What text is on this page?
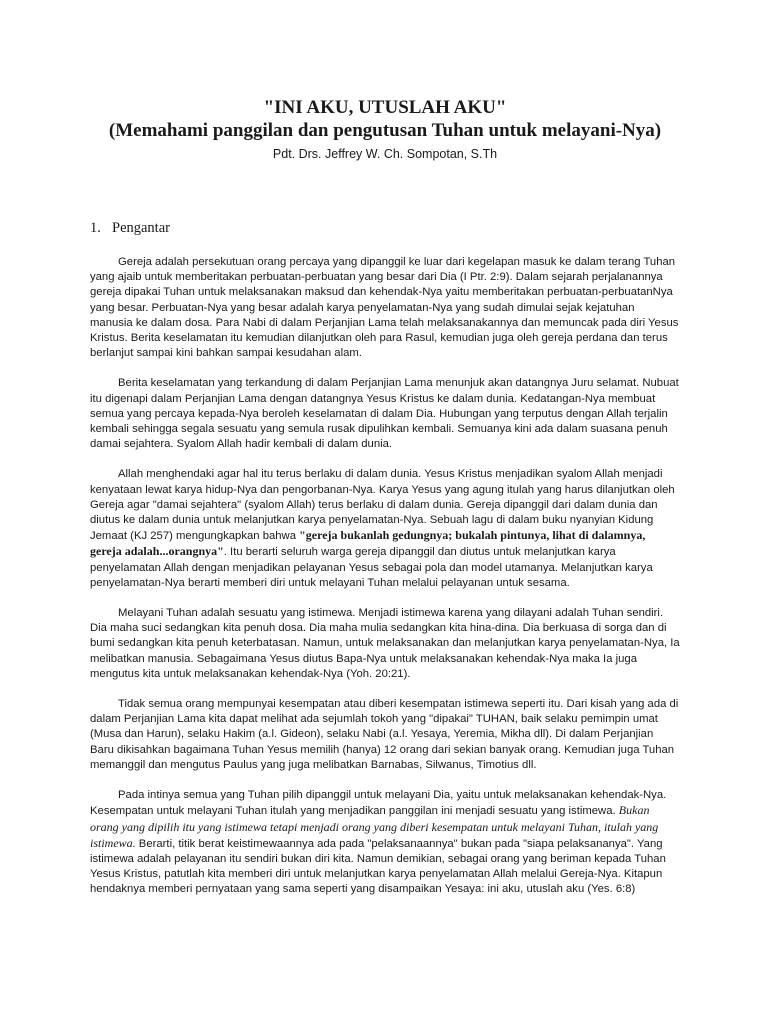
"INI AKU, UTUSLAH AKU"
(Memahami panggilan dan pengutusan Tuhan untuk melayani-Nya)
Pdt. Drs. Jeffrey W. Ch. Sompotan, S.Th
1. Pengantar

Gereja adalah persekutuan orang percaya yang dipanggil ke luar dari kegelapan masuk ke dalam terang Tuhan yang ajaib untuk memberitakan perbuatan-perbuatan yang besar dari Dia (I Ptr. 2:9). Dalam sejarah perjalanannya gereja dipakai Tuhan untuk melaksanakan maksud dan kehendak-Nya yaitu memberitakan perbuatan-perbuatanNya yang besar. Perbuatan-Nya yang besar adalah karya penyelamatan-Nya yang sudah dimulai sejak kejatuhan manusia ke dalam dosa. Para Nabi di dalam Perjanjian Lama telah melaksanakannya dan memuncak pada diri Yesus Kristus. Berita keselamatan itu kemudian dilanjutkan oleh para Rasul, kemudian juga oleh gereja perdana dan terus berlanjut sampai kini bahkan sampai kesudahan alam.

Berita keselamatan yang terkandung di dalam Perjanjian Lama menunjuk akan datangnya Juru selamat. Nubuat itu digenapi dalam Perjanjian Lama dengan datangnya Yesus Kristus ke dalam dunia. Kedatangan-Nya membuat semua yang percaya kepada-Nya beroleh keselamatan di dalam Dia. Hubungan yang terputus dengan Allah terjalin kembali sehingga segala sesuatu yang semula rusak dipulihkan kembali. Semuanya kini ada dalam suasana penuh damai sejahtera. Syalom Allah hadir kembali di dalam dunia.

Allah menghendaki agar hal itu terus berlaku di dalam dunia. Yesus Kristus menjadikan syalom Allah menjadi kenyataan lewat karya hidup-Nya dan pengorbanan-Nya. Karya Yesus yang agung itulah yang harus dilanjutkan oleh Gereja agar "damai sejahtera" (syalom Allah) terus berlaku di dalam dunia. Gereja dipanggil dari dalam dunia dan diutus ke dalam dunia untuk melanjutkan karya penyelamatan-Nya. Sebuah lagu di dalam buku nyanyian Kidung Jemaat (KJ 257) mengungkapkan bahwa "gereja bukanlah gedungnya; bukalah pintunya, lihat di dalamnya, gereja adalah...orangnya". Itu berarti seluruh warga gereja dipanggil dan diutus untuk melanjutkan karya penyelamatan Allah dengan menjadikan pelayanan Yesus sebagai pola dan model utamanya. Melanjutkan karya penyelamatan-Nya berarti memberi diri untuk melayani Tuhan melalui pelayanan untuk sesama.

Melayani Tuhan adalah sesuatu yang istimewa. Menjadi istimewa karena yang dilayani adalah Tuhan sendiri. Dia maha suci sedangkan kita penuh dosa. Dia maha mulia sedangkan kita hina-dina. Dia berkuasa di sorga dan di bumi sedangkan kita penuh keterbatasan. Namun, untuk melaksanakan dan melanjutkan karya penyelamatan-Nya, Ia melibatkan manusia. Sebagaimana Yesus diutus Bapa-Nya untuk melaksanakan kehendak-Nya maka Ia juga mengutus kita untuk melaksanakan kehendak-Nya (Yoh. 20:21).

Tidak semua orang mempunyai kesempatan atau diberi kesempatan istimewa seperti itu. Dari kisah yang ada di dalam Perjanjian Lama kita dapat melihat ada sejumlah tokoh yang "dipakai" TUHAN, baik selaku pemimpin umat (Musa dan Harun), selaku Hakim (a.l. Gideon), selaku Nabi (a.l. Yesaya, Yeremia, Mikha dll). Di dalam Perjanjian Baru dikisahkan bagaimana Tuhan Yesus memilih (hanya) 12 orang dari sekian banyak orang. Kemudian juga Tuhan memanggil dan mengutus Paulus yang juga melibatkan Barnabas, Silwanus, Timotius dll.

Pada intinya semua yang Tuhan pilih dipanggil untuk melayani Dia, yaitu untuk melaksanakan kehendak-Nya. Kesempatan untuk melayani Tuhan itulah yang menjadikan panggilan ini menjadi sesuatu yang istimewa. Bukan orang yang dipilih itu yang istimewa tetapi menjadi orang yang diberi kesempatan untuk melayani Tuhan, itulah yang istimewa. Berarti, titik berat keistimewaannya ada pada "pelaksanaannya" bukan pada "siapa pelaksananya". Yang istimewa adalah pelayanan itu sendiri bukan diri kita. Namun demikian, sebagai orang yang beriman kepada Tuhan Yesus Kristus, patutlah kita memberi diri untuk melanjutkan karya penyelamatan Allah melalui Gereja-Nya. Kitapun hendaknya memberi pernyataan yang sama seperti yang disampaikan Yesaya: ini aku, utuslah aku (Yes. 6:8)
